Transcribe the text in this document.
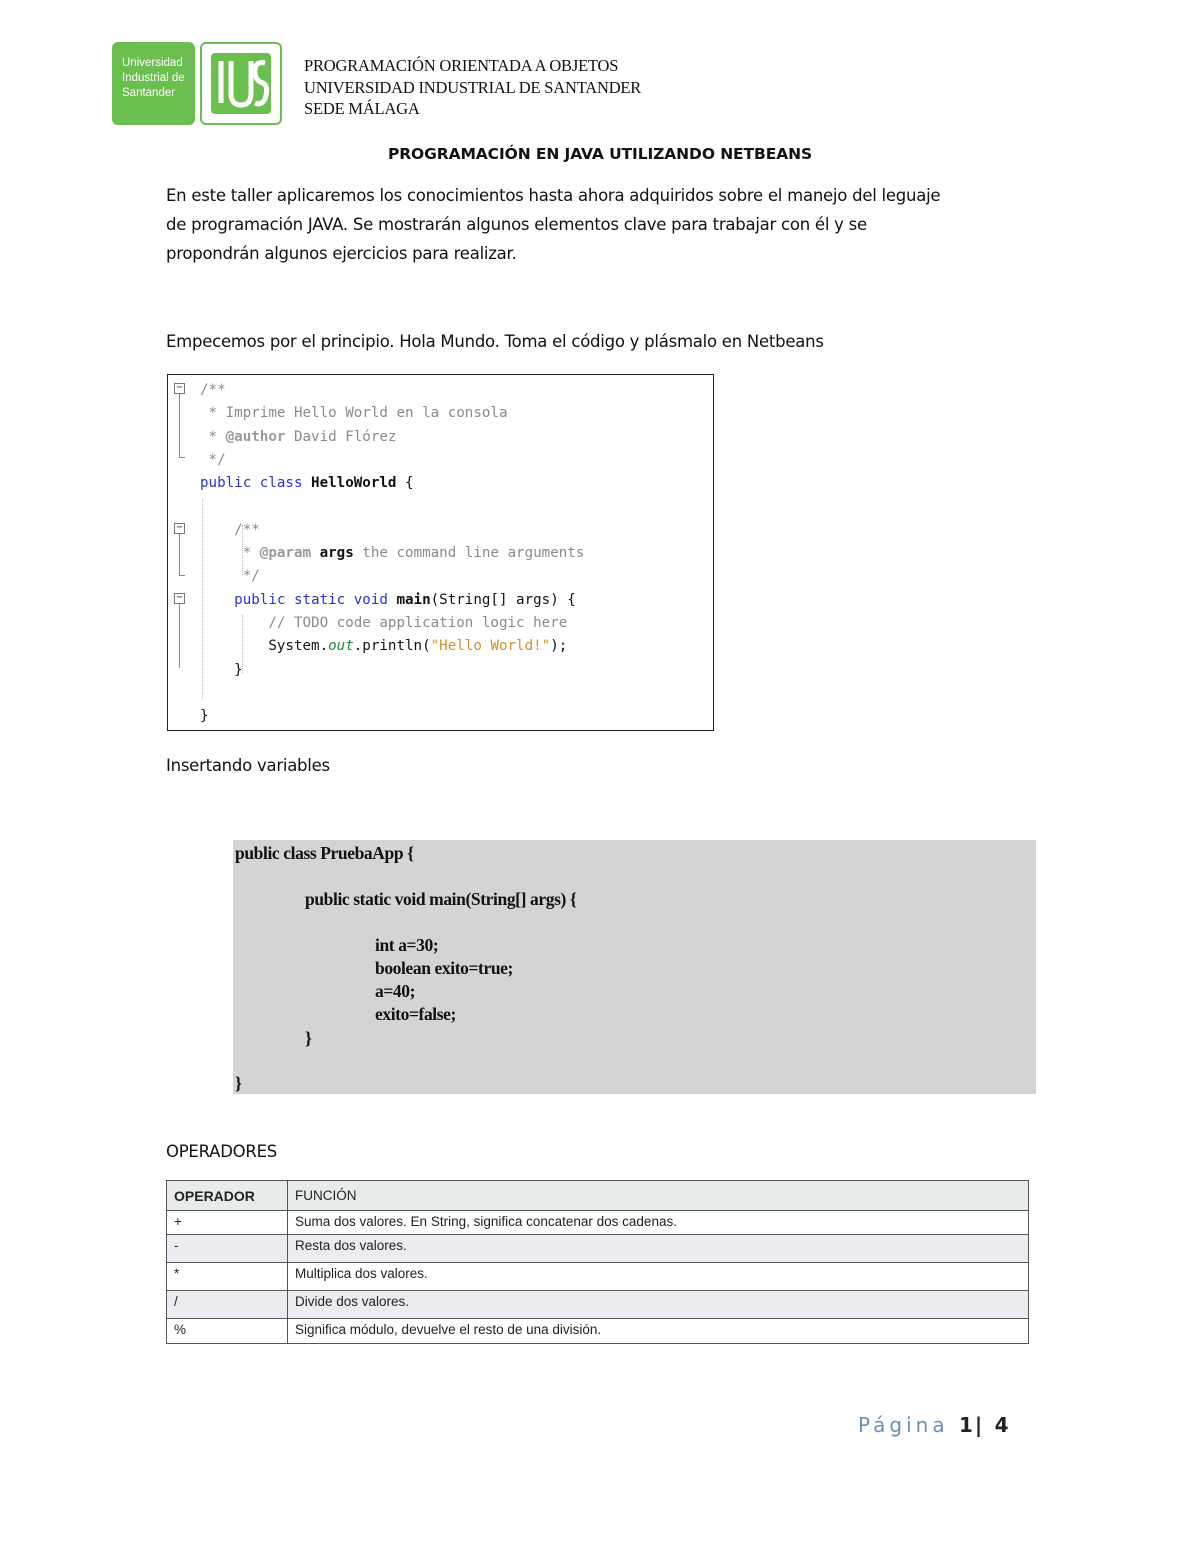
Universidad
Industrial de
Santander
PROGRAMACIÓN ORIENTADA A OBJETOS
UNIVERSIDAD INDUSTRIAL DE SANTANDER
SEDE MÁLAGA
PROGRAMACIÓN EN JAVA UTILIZANDO NETBEANS
En este taller aplicaremos los conocimientos hasta ahora adquiridos sobre el manejo del leguaje
de programación JAVA. Se mostrarán algunos elementos clave para trabajar con él y se
propondrán algunos ejercicios para realizar.
Empecemos por el principio. Hola Mundo. Toma el código y plásmalo en Netbeans
−
−
−
/**
* Imprime Hello World en la consola
* @author David Flórez
*/
public class HelloWorld {

/**
* @param args the command line arguments
*/
public static void main(String[] args) {
// TODO code application logic here
System.out.println("Hello World!");
}

}
Insertando variables
public class PruebaApp {
public static void main(String[] args) {
int a=30;
boolean exito=true;
a=40;
exito=false;
}
}
OPERADORES
OPERADOR	FUNCIÓN
+	Suma dos valores. En String, significa concatenar dos cadenas.
-	Resta dos valores.
*	Multiplica dos valores.
/	Divide dos valores.
%	Significa módulo, devuelve el resto de una división.
Página 1| 4
